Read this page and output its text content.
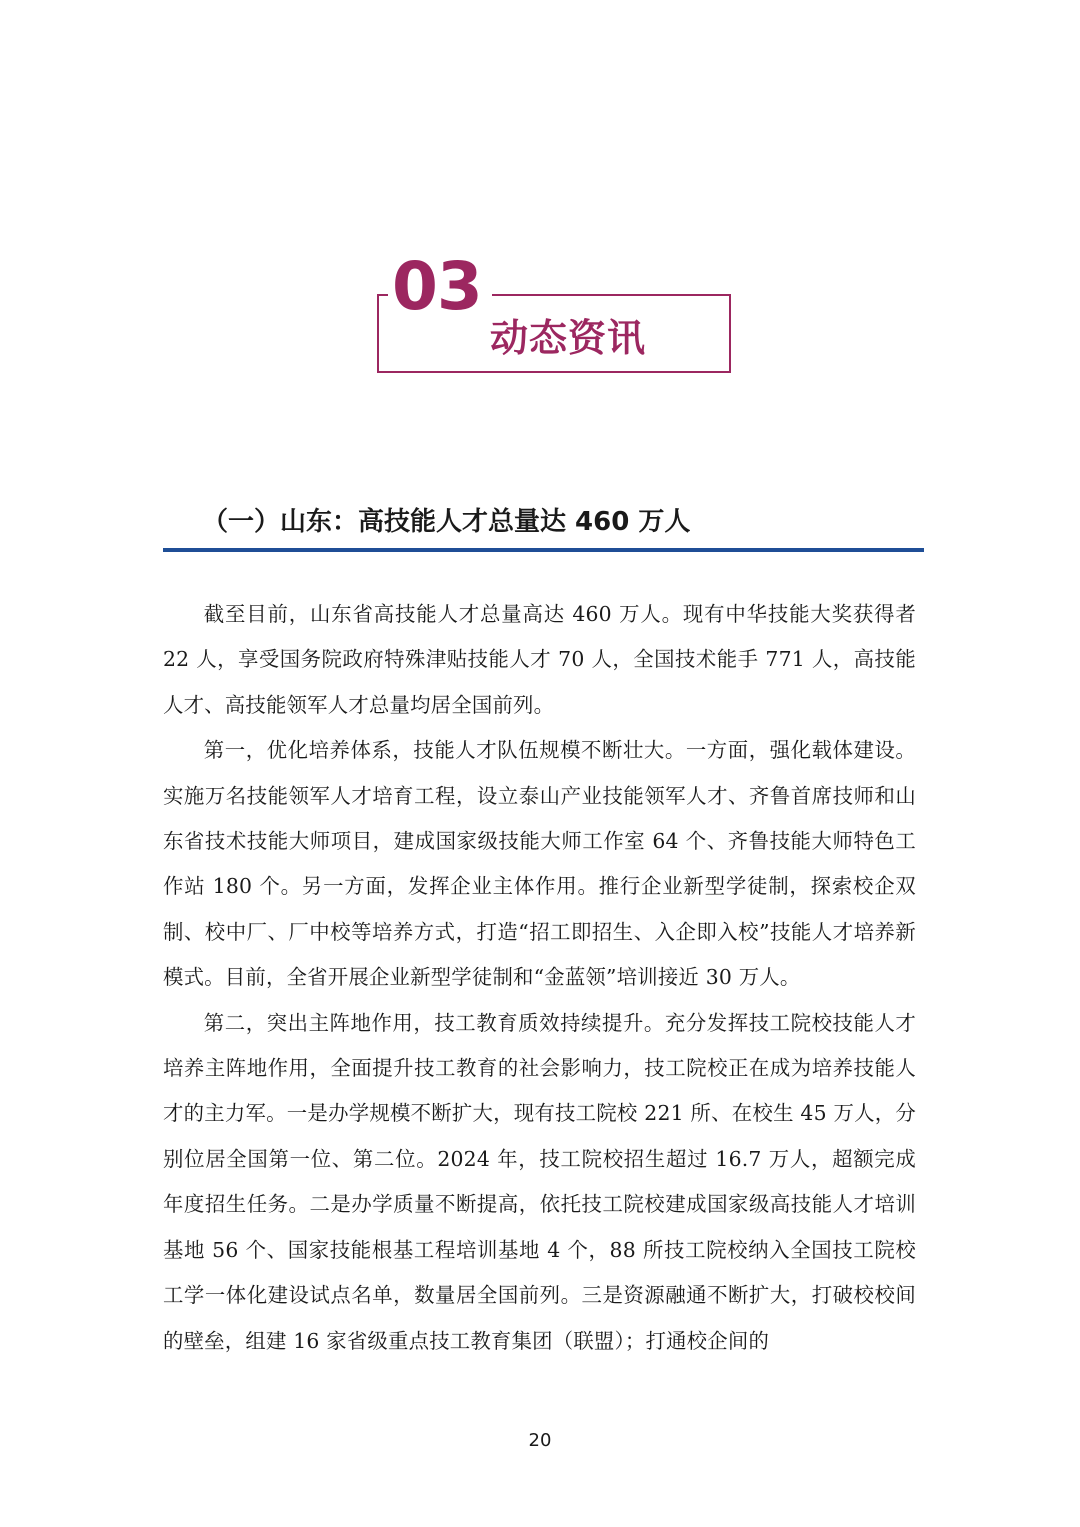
03
动态资讯
（一）山东：高技能人才总量达 460 万人

截至目前，山东省高技能人才总量高达 460 万人。现有中华技能大奖获得者 22 人，享受国务院政府特殊津贴技能人才 70 人，全国技术能手 771 人，高技能人才、高技能领军人才总量均居全国前列。

第一，优化培养体系，技能人才队伍规模不断壮大。一方面，强化载体建设。实施万名技能领军人才培育工程，设立泰山产业技能领军人才、齐鲁首席技师和山东省技术技能大师项目，建成国家级技能大师工作室 64 个、齐鲁技能大师特色工作站 180 个。另一方面，发挥企业主体作用。推行企业新型学徒制，探索校企双制、校中厂、厂中校等培养方式，打造“招工即招生、入企即入校”技能人才培养新模式。目前，全省开展企业新型学徒制和“金蓝领”培训接近 30 万人。

第二，突出主阵地作用，技工教育质效持续提升。充分发挥技工院校技能人才培养主阵地作用，全面提升技工教育的社会影响力，技工院校正在成为培养技能人才的主力军。一是办学规模不断扩大，现有技工院校 221 所、在校生 45 万人，分别位居全国第一位、第二位。2024 年，技工院校招生超过 16.7 万人，超额完成年度招生任务。二是办学质量不断提高，依托技工院校建成国家级高技能人才培训基地 56 个、国家技能根基工程培训基地 4 个，88 所技工院校纳入全国技工院校工学一体化建设试点名单，数量居全国前列。三是资源融通不断扩大，打破校校间的壁垒，组建 16 家省级重点技工教育集团（联盟）；打通校企间的

20
